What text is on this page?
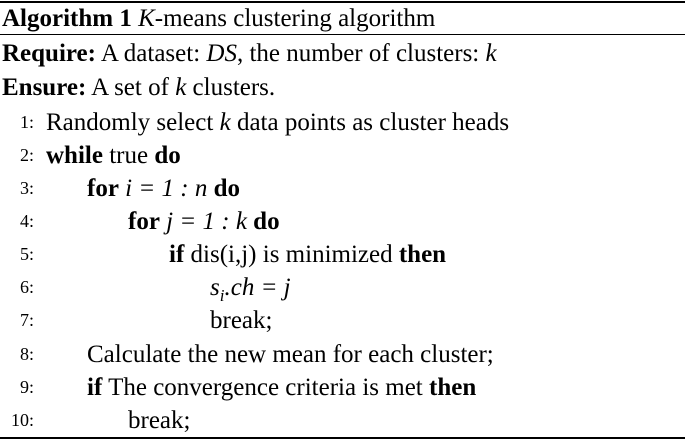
Algorithm 1 K-means clustering algorithm
Require: A dataset: DS, the number of clusters: k
Ensure: A set of k clusters.
1: Randomly select k data points as cluster heads
2: while true do
3: for i = 1 : n do
4:	for j = 1 : k do
5:	if dis(i,j) is minimized then
6:	$s_i.ch = j$
7:	break;
8: Calculate the new mean for each cluster;
9: if The convergence criteria is met then
10:	break;
